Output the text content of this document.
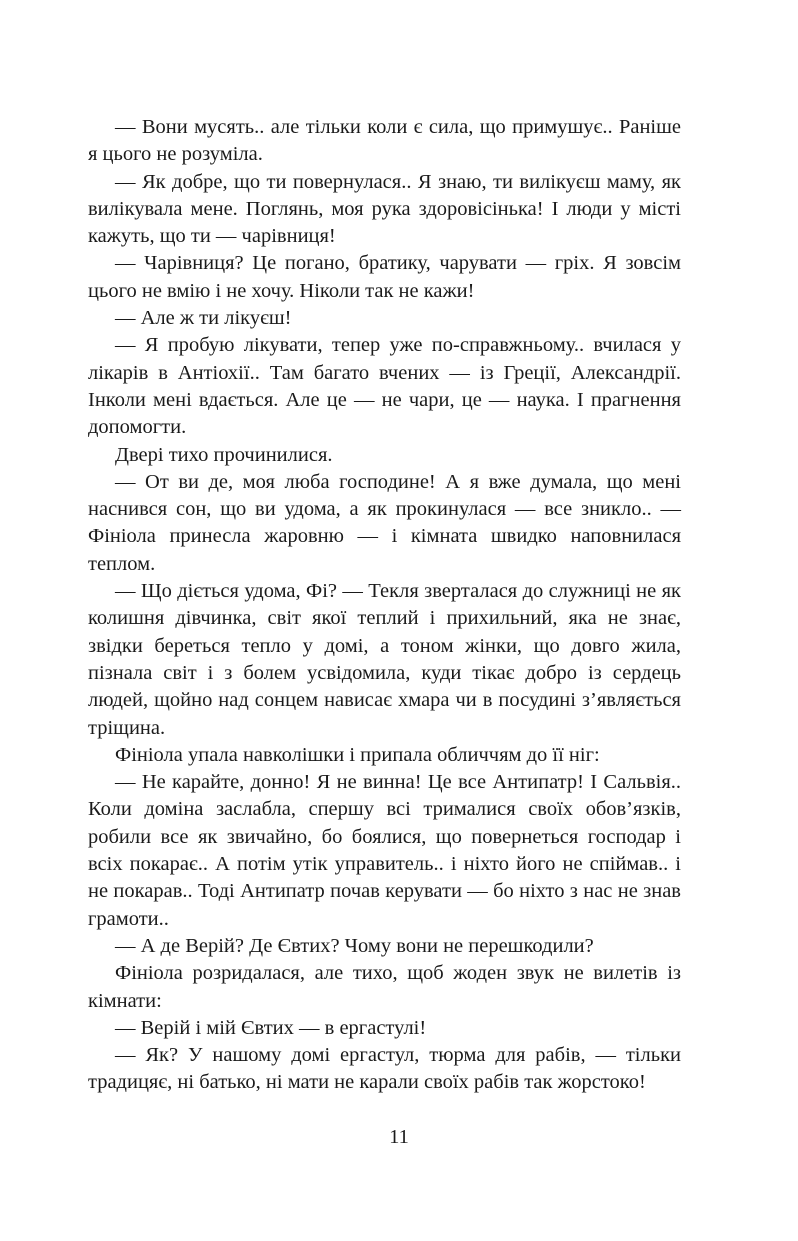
— Вони мусять.. але тільки коли є сила, що примушує.. Раніше я цього не розуміла.

— Як добре, що ти повернулася.. Я знаю, ти вилікуєш маму, як вилікувала мене. Поглянь, моя рука здоровісінька! І люди у місті кажуть, що ти — чарівниця!

— Чарівниця? Це погано, братику, чарувати — гріх. Я зовсім цього не вмію і не хочу. Ніколи так не кажи!

— Але ж ти лікуєш!

— Я пробую лікувати, тепер уже по-справжньому.. вчилася у лікарів в Антіохії.. Там багато вчених — із Греції, Александрії. Інколи мені вдається. Але це — не чари, це — наука. І прагнення допомогти.

Двері тихо прочинилися.

— От ви де, моя люба господине! А я вже думала, що мені наснився сон, що ви удома, а як прокинулася — все зникло.. — Фініола принесла жаровню — і кімната швидко наповнилася теплом.

— Що діється удома, Фі? — Текля зверталася до служниці не як колишня дівчинка, світ якої теплий і прихильний, яка не знає, звідки береться тепло у домі, а тоном жінки, що довго жила, пізнала світ і з болем усвідомила, куди тікає добро із сердець людей, щойно над сонцем нависає хмара чи в посудині з’являється тріщина.

Фініола упала навколішки і припала обличчям до її ніг:

— Не карайте, донно! Я не винна! Це все Антипатр! І Сальвія.. Коли доміна заслабла, спершу всі трималися своїх обов’язків, робили все як звичайно, бо боялися, що повернеться господар і всіх покарає.. А потім утік управитель.. і ніхто його не спіймав.. і не покарав.. Тоді Антипатр почав керувати — бо ніхто з нас не знав грамоти..

— А де Верій? Де Євтих? Чому вони не перешкодили?

Фініола розридалася, але тихо, щоб жоден звук не вилетів із кімнати:

— Верій і мій Євтих — в ергастулі!

— Як? У нашому домі ергастул, тюрма для рабів, — тільки традицяє, ні батько, ні мати не карали своїх рабів так жорстоко!

11
